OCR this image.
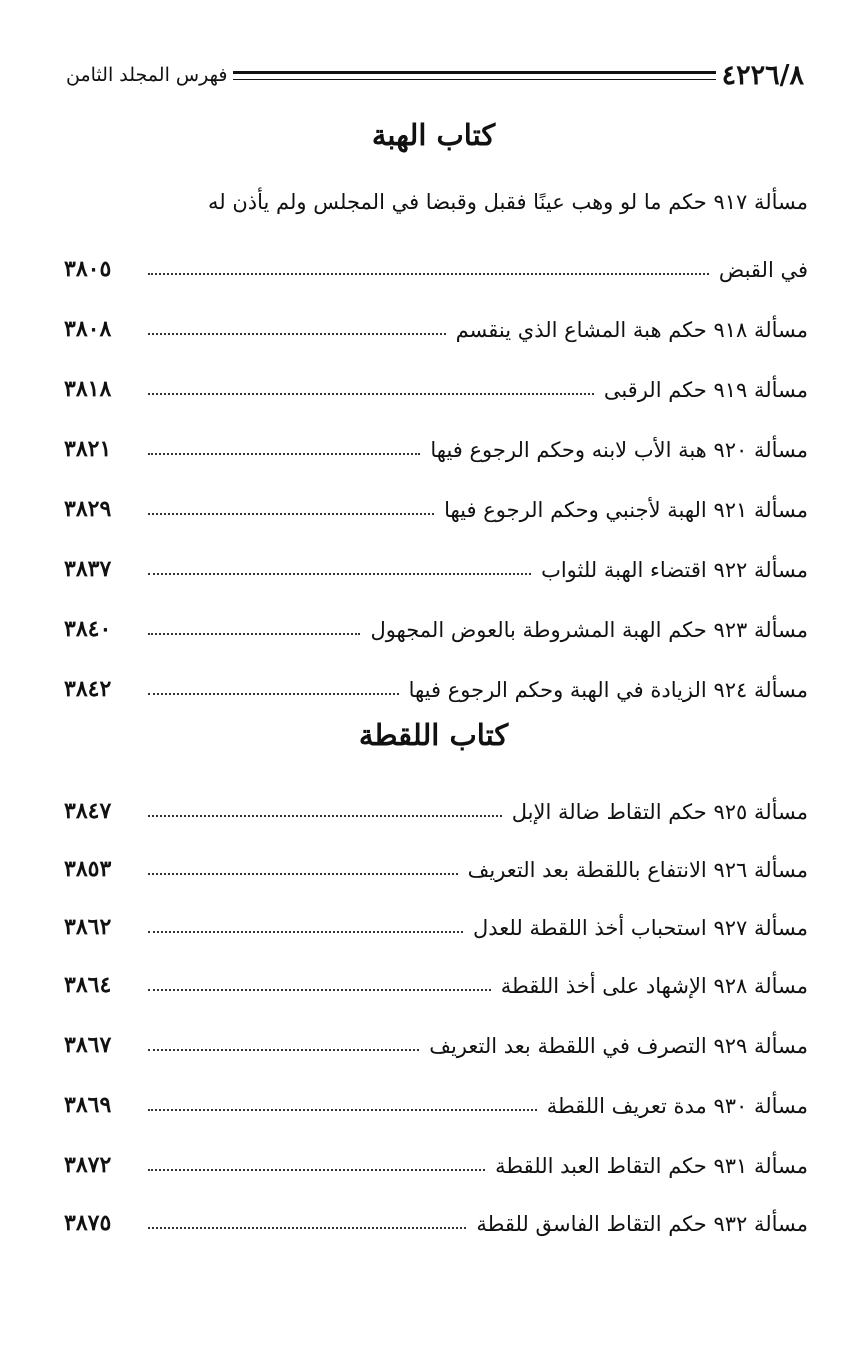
فهرس المجلد الثامن	٤٢٢٦/٨
كتاب الهبة
مسألة ٩١٧ حكم ما لو وهب عينًا فقبل وقبضا في المجلس ولم يأذن له
في القبض
٣٨٠٥
مسألة ٩١٨ حكم هبة المشاع الذي ينقسم
٣٨٠٨
مسألة ٩١٩ حكم الرقبى
٣٨١٨
مسألة ٩٢٠ هبة الأب لابنه وحكم الرجوع فيها
٣٨٢١
مسألة ٩٢١ الهبة لأجنبي وحكم الرجوع فيها
٣٨٢٩
مسألة ٩٢٢ اقتضاء الهبة للثواب
٣٨٣٧
مسألة ٩٢٣ حكم الهبة المشروطة بالعوض المجهول
٣٨٤٠
مسألة ٩٢٤ الزيادة في الهبة وحكم الرجوع فيها
٣٨٤٢
كتاب اللقطة
مسألة ٩٢٥ حكم التقاط ضالة الإبل
٣٨٤٧
مسألة ٩٢٦ الانتفاع باللقطة بعد التعريف
٣٨٥٣
مسألة ٩٢٧ استحباب أخذ اللقطة للعدل
٣٨٦٢
مسألة ٩٢٨ الإشهاد على أخذ اللقطة
٣٨٦٤
مسألة ٩٢٩ التصرف في اللقطة بعد التعريف
٣٨٦٧
مسألة ٩٣٠ مدة تعريف اللقطة
٣٨٦٩
مسألة ٩٣١ حكم التقاط العبد اللقطة
٣٨٧٢
مسألة ٩٣٢ حكم التقاط الفاسق للقطة
٣٨٧٥
